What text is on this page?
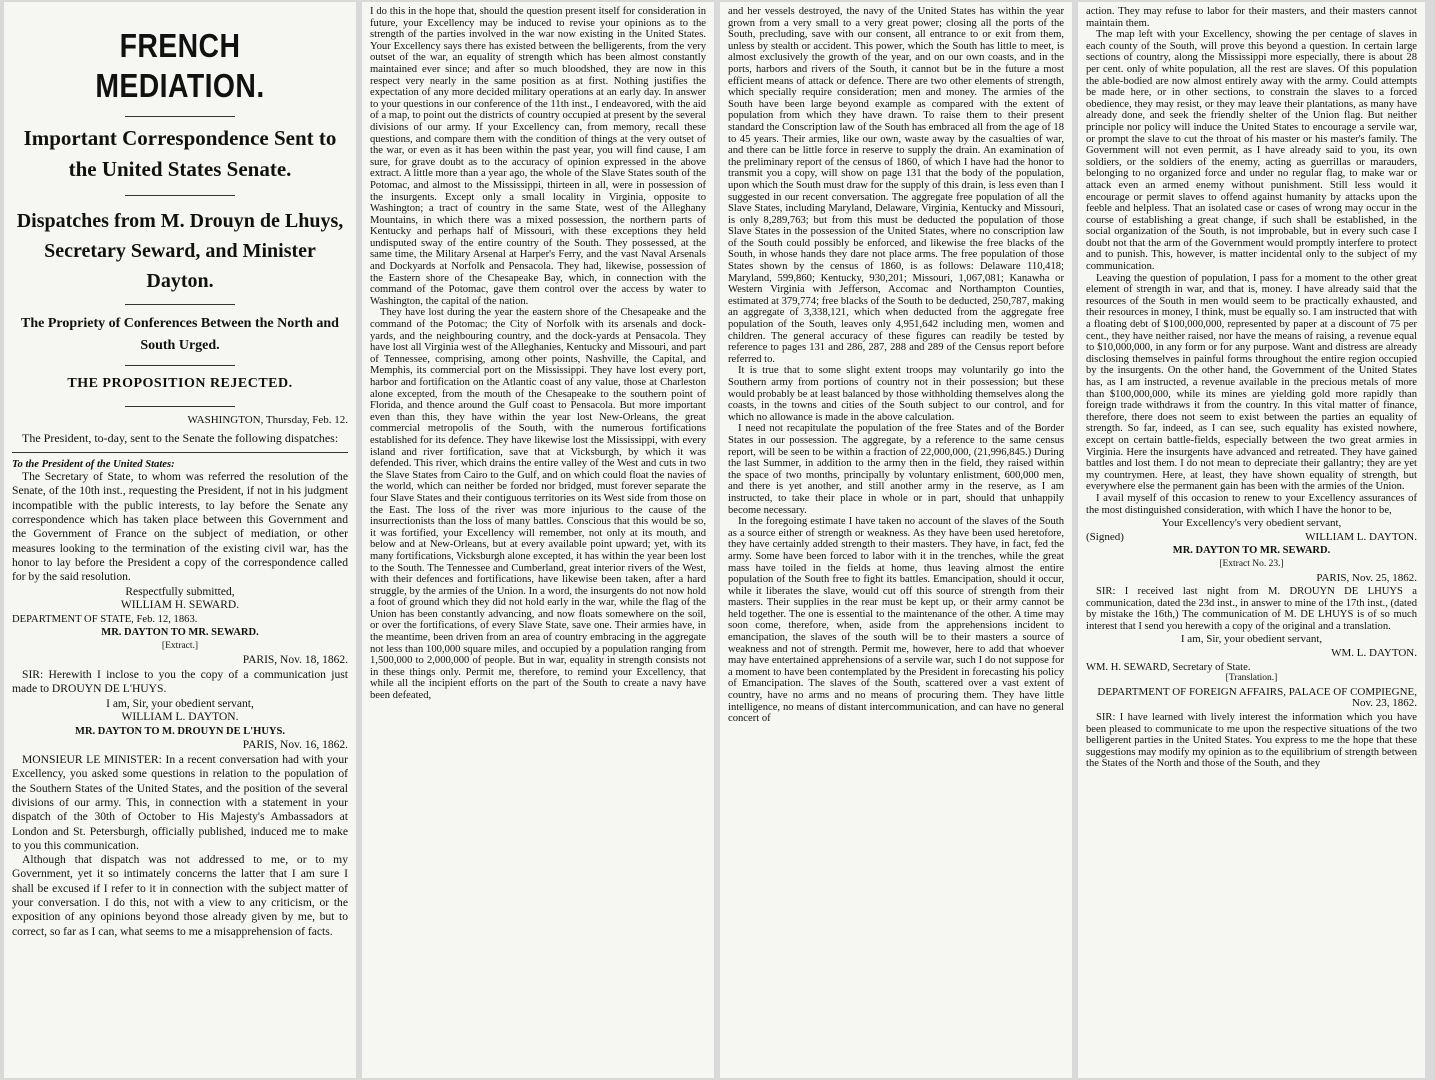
FRENCH MEDIATION.
Important Correspondence Sent to the United States Senate.
Dispatches from M. Drouyn de Lhuys, Secretary Seward, and Minister Dayton.
The Propriety of Conferences Between the North and South Urged.
THE PROPOSITION REJECTED.
WASHINGTON, Thursday, Feb. 12.

The President, to-day, sent to the Senate the following dispatches:

To the President of the United States:

The Secretary of State, to whom was referred the resolution of the Senate, of the 10th inst., requesting the President, if not in his judgment incompatible with the public interests, to lay before the Senate any correspondence which has taken place between this Government and the Government of France on the subject of mediation, or other measures looking to the termination of the existing civil war, has the honor to lay before the President a copy of the correspondence called for by the said resolution.

Respectfully submitted,
WILLIAM H. SEWARD.

DEPARTMENT OF STATE, Feb. 12, 1863.

MR. DAYTON TO MR. SEWARD.
[Extract.]
PARIS, Nov. 18, 1862.

SIR: Herewith I inclose to you the copy of a communication just made to DROUYN DE L'HUYS.

I am, Sir, your obedient servant,
WILLIAM L. DAYTON.
MR. DAYTON TO M. DROUYN DE L'HUYS.
PARIS, Nov. 16, 1862.

MONSIEUR LE MINISTER: In a recent conversation had with your Excellency, you asked some questions in relation to the population of the Southern States of the United States, and the position of the several divisions of our army. This, in connection with a statement in your dispatch of the 30th of October to His Majesty's Ambassadors at London and St. Petersburgh, officially published, induced me to make to you this communication.

Although that dispatch was not addressed to me, or to my Government, yet it so intimately concerns the latter that I am sure I shall be excused if I refer to it in connection with the subject matter of your conversation. I do this, not with a view to any criticism, or the exposition of any opinions beyond those already given by me, but to correct, so far as I can, what seems to me a misapprehension of facts.

I do this in the hope that, should the question present itself for consideration in future, your Excellency may be induced to revise your opinions as to the strength of the parties involved in the war now existing in the United States. Your Excellency says there has existed between the belligerents, from the very outset of the war, an equality of strength which has been almost constantly maintained ever since; and after so much bloodshed, they are now in this respect very nearly in the same position as at first. Nothing justifies the expectation of any more decided military operations at an early day. In answer to your questions in our conference of the 11th inst., I endeavored, with the aid of a map, to point out the districts of country occupied at present by the several divisions of our army. If your Excellency can, from memory, recall these questions, and compare them with the condition of things at the very outset of the war, or even as it has been within the past year, you will find cause, I am sure, for grave doubt as to the accuracy of opinion expressed in the above extract. A little more than a year ago, the whole of the Slave States south of the Potomac, and almost to the Mississippi, thirteen in all, were in possession of the insurgents. Except only a small locality in Virginia, opposite to Washington; a tract of country in the same State, west of the Alleghany Mountains, in which there was a mixed possession, the northern parts of Kentucky and perhaps half of Missouri, with these exceptions they held undisputed sway of the entire country of the South. They possessed, at the same time, the Military Arsenal at Harper's Ferry, and the vast Naval Arsenals and Dockyards at Norfolk and Pensacola. They had, likewise, possession of the Eastern shore of the Chesapeake Bay, which, in connection with the command of the Potomac, gave them control over the access by water to Washington, the capital of the nation.

They have lost during the year the eastern shore of the Chesapeake and the command of the Potomac; the City of Norfolk with its arsenals and dock-yards, and the neighbouring country, and the dock-yards at Pensacola. They have lost all Virginia west of the Alleghanies, Kentucky and Missouri, and part of Tennessee, comprising, among other points, Nashville, the Capital, and Memphis, its commercial port on the Mississippi. They have lost every port, harbor and fortification on the Atlantic coast of any value, those at Charleston alone excepted, from the mouth of the Chesapeake to the southern point of Florida, and thence around the Gulf coast to Pensacola. But more important even than this, they have within the year lost New-Orleans, the great commercial metropolis of the South, with the numerous fortifications established for its defence. They have likewise lost the Mississippi, with every island and river fortification, save that at Vicksburgh, by which it was defended. This river, which drains the entire valley of the West and cuts in two the Slave States from Cairo to the Gulf, and on which could float the navies of the world, which can neither be forded nor bridged, must forever separate the four Slave States and their contiguous territories on its West side from those on the East. The loss of the river was more injurious to the cause of the insurrectionists than the loss of many battles. Conscious that this would be so, it was fortified, your Excellency will remember, not only at its mouth, and below and at New-Orleans, but at every available point upward; yet, with its many fortifications, Vicksburgh alone excepted, it has within the year been lost to the South. The Tennessee and Cumberland, great interior rivers of the West, with their defences and fortifications, have likewise been taken, after a hard struggle, by the armies of the Union. In a word, the insurgents do not now hold a foot of ground which they did not hold early in the war, while the flag of the Union has been constantly advancing, and now floats somewhere on the soil, or over the fortifications, of every Slave State, save one. Their armies have, in the meantime, been driven from an area of country embracing in the aggregate not less than 100,000 square miles, and occupied by a population ranging from 1,500,000 to 2,000,000 of people. But in war, equality in strength consists not in these things only. Permit me, therefore, to remind your Excellency, that while all the incipient efforts on the part of the South to create a navy have been defeated,

and her vessels destroyed, the navy of the United States has within the year grown from a very small to a very great power; closing all the ports of the South, precluding, save with our consent, all entrance to or exit from them, unless by stealth or accident. This power, which the South has little to meet, is almost exclusively the growth of the year, and on our own coasts, and in the ports, harbors and rivers of the South, it cannot but be in the future a most efficient means of attack or defence. There are two other elements of strength, which specially require consideration; men and money. The armies of the South have been large beyond example as compared with the extent of population from which they have drawn. To raise them to their present standard the Conscription law of the South has embraced all from the age of 18 to 45 years. Their armies, like our own, waste away by the casualties of war, and there can be little force in reserve to supply the drain. An examination of the preliminary report of the census of 1860, of which I have had the honor to transmit you a copy, will show on page 131 that the body of the population, upon which the South must draw for the supply of this drain, is less even than I suggested in our recent conversation. The aggregate free population of all the Slave States, including Maryland, Delaware, Virginia, Kentucky and Missouri, is only 8,289,763; but from this must be deducted the population of those Slave States in the possession of the United States, where no conscription law of the South could possibly be enforced, and likewise the free blacks of the South, in whose hands they dare not place arms. The free population of those States shown by the census of 1860, is as follows: Delaware 110,418; Maryland, 599,860; Kentucky, 930,201; Missouri, 1,067,081; Kanawha or Western Virginia with Jefferson, Accomac and Northampton Counties, estimated at 379,774; free blacks of the South to be deducted, 250,787, making an aggregate of 3,338,121, which when deducted from the aggregate free population of the South, leaves only 4,951,642 including men, women and children. The general accuracy of these figures can readily be tested by reference to pages 131 and 286, 287, 288 and 289 of the Census report before referred to.

It is true that to some slight extent troops may voluntarily go into the Southern army from portions of country not in their possession; but these would probably be at least balanced by those withholding themselves along the coasts, in the towns and cities of the South subject to our control, and for which no allowance is made in the above calculation.

I need not recapitulate the population of the free States and of the Border States in our possession. The aggregate, by a reference to the same census report, will be seen to be within a fraction of 22,000,000, (21,996,845.) During the last Summer, in addition to the army then in the field, they raised within the space of two months, principally by voluntary enlistment, 600,000 men, and there is yet another, and still another army in the reserve, as I am instructed, to take their place in whole or in part, should that unhappily become necessary.

In the foregoing estimate I have taken no account of the slaves of the South as a source either of strength or weakness. As they have been used heretofore, they have certainly added strength to their masters. They have, in fact, fed the army. Some have been forced to labor with it in the trenches, while the great mass have toiled in the fields at home, thus leaving almost the entire population of the South free to fight its battles. Emancipation, should it occur, while it liberates the slave, would cut off this source of strength from their masters. Their supplies in the rear must be kept up, or their army cannot be held together. The one is essential to the maintenance of the other. A time may soon come, therefore, when, aside from the apprehensions incident to emancipation, the slaves of the south will be to their masters a source of weakness and not of strength. Permit me, however, here to add that whoever may have entertained apprehensions of a servile war, such I do not suppose for a moment to have been contemplated by the President in forecasting his policy of Emancipation. The slaves of the South, scattered over a vast extent of country, have no arms and no means of procuring them. They have little intelligence, no means of distant intercommunication, and can have no general concert of

action. They may refuse to labor for their masters, and their masters cannot maintain them.

The map left with your Excellency, showing the per centage of slaves in each county of the South, will prove this beyond a question. In certain large sections of country, along the Mississippi more especially, there is about 28 per cent. only of white population, all the rest are slaves. Of this population the able-bodied are now almost entirely away with the army. Could attempts be made here, or in other sections, to constrain the slaves to a forced obedience, they may resist, or they may leave their plantations, as many have already done, and seek the friendly shelter of the Union flag. But neither principle nor policy will induce the United States to encourage a servile war, or prompt the slave to cut the throat of his master or his master's family. The Government will not even permit, as I have already said to you, its own soldiers, or the soldiers of the enemy, acting as guerrillas or marauders, belonging to no organized force and under no regular flag, to make war or attack even an armed enemy without punishment. Still less would it encourage or permit slaves to offend against humanity by attacks upon the feeble and helpless. That an isolated case or cases of wrong may occur in the course of establishing a great change, if such shall be established, in the social organization of the South, is not improbable, but in every such case I doubt not that the arm of the Government would promptly interfere to protect and to punish. This, however, is matter incidental only to the subject of my communication.

Leaving the question of population, I pass for a moment to the other great element of strength in war, and that is, money. I have already said that the resources of the South in men would seem to be practically exhausted, and their resources in money, I think, must be equally so. I am instructed that with a floating debt of $100,000,000, represented by paper at a discount of 75 per cent., they have neither raised, nor have the means of raising, a revenue equal to $10,000,000, in any form or for any purpose. Want and distress are already disclosing themselves in painful forms throughout the entire region occupied by the insurgents. On the other hand, the Government of the United States has, as I am instructed, a revenue available in the precious metals of more than $100,000,000, while its mines are yielding gold more rapidly than foreign trade withdraws it from the country. In this vital matter of finance, therefore, there does not seem to exist between the parties an equality of strength. So far, indeed, as I can see, such equality has existed nowhere, except on certain battle-fields, especially between the two great armies in Virginia. Here the insurgents have advanced and retreated. They have gained battles and lost them. I do not mean to depreciate their gallantry; they are yet my countrymen. Here, at least, they have shown equality of strength, but everywhere else the permanent gain has been with the armies of the Union.

I avail myself of this occasion to renew to your Excellency assurances of the most distinguished consideration, with which I have the honor to be,

Your Excellency's very obedient servant,
(Signed)	WILLIAM L. DAYTON.
MR. DAYTON TO MR. SEWARD.
[Extract No. 23.]
PARIS, Nov. 25, 1862.

SIR: I received last night from M. DROUYN DE LHUYS a communication, dated the 23d inst., in answer to mine of the 17th inst., (dated by mistake the 16th,) The communication of M. DE LHUYS is of so much interest that I send you herewith a copy of the original and a translation.

I am, Sir, your obedient servant,
WM. L. DAYTON.

WM. H. SEWARD, Secretary of State.

[Translation.]
DEPARTMENT OF FOREIGN AFFAIRS, PALACE OF COMPIEGNE, Nov. 23, 1862.

SIR: I have learned with lively interest the information which you have been pleased to communicate to me upon the respective situations of the two belligerent parties in the United States. You express to me the hope that these suggestions may modify my opinion as to the equilibrium of strength between the States of the North and those of the South, and they
